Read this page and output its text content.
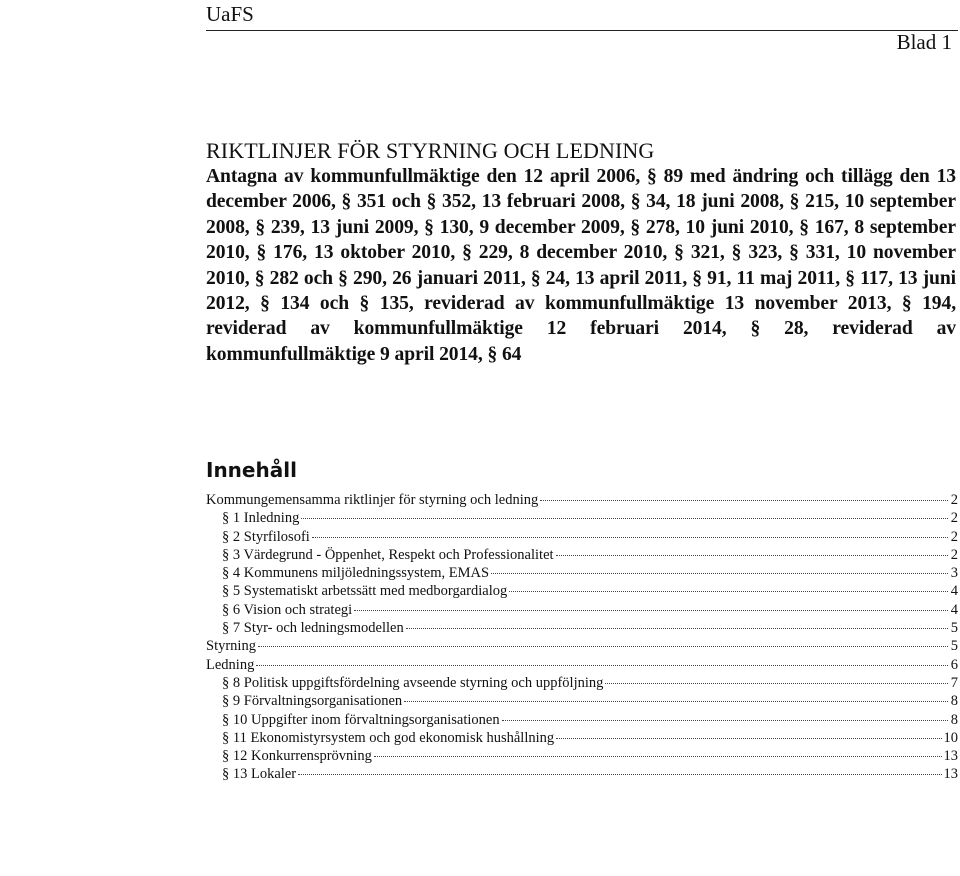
UaFS
Blad 1
RIKTLINJER FÖR STYRNING OCH LEDNING
Antagna av kommunfullmäktige den 12 april 2006, § 89 med ändring och tillägg den 13 december 2006, § 351 och § 352, 13 februari 2008, § 34, 18 juni 2008, § 215, 10 september 2008, § 239, 13 juni 2009, § 130, 9 december 2009, § 278, 10 juni 2010, § 167, 8 september 2010, § 176, 13 oktober 2010, § 229, 8 december 2010, § 321, § 323, § 331, 10 november 2010, § 282 och § 290, 26 januari 2011, § 24, 13 april 2011, § 91, 11 maj 2011, § 117, 13 juni 2012, § 134 och § 135, reviderad av kommunfullmäktige 13 november 2013, § 194, reviderad av kommunfullmäktige 12 februari 2014, § 28, reviderad av kommunfullmäktige 9 april 2014, § 64
Innehåll
Kommungemensamma riktlinjer för styrning och ledning	2
§ 1 Inledning	2
§ 2 Styrfilosofi	2
§ 3 Värdegrund - Öppenhet, Respekt och Professionalitet	2
§ 4 Kommunens miljöledningssystem, EMAS	3
§ 5 Systematiskt arbetssätt med medborgardialog	4
§ 6 Vision och strategi	4
§ 7 Styr- och ledningsmodellen	5
Styrning	5
Ledning	6
§ 8 Politisk uppgiftsfördelning avseende styrning och uppföljning	7
§ 9 Förvaltningsorganisationen	8
§ 10 Uppgifter inom förvaltningsorganisationen	8
§ 11 Ekonomistyrsystem och god ekonomisk hushållning	10
§ 12 Konkurrensprövning	13
§ 13 Lokaler	13
